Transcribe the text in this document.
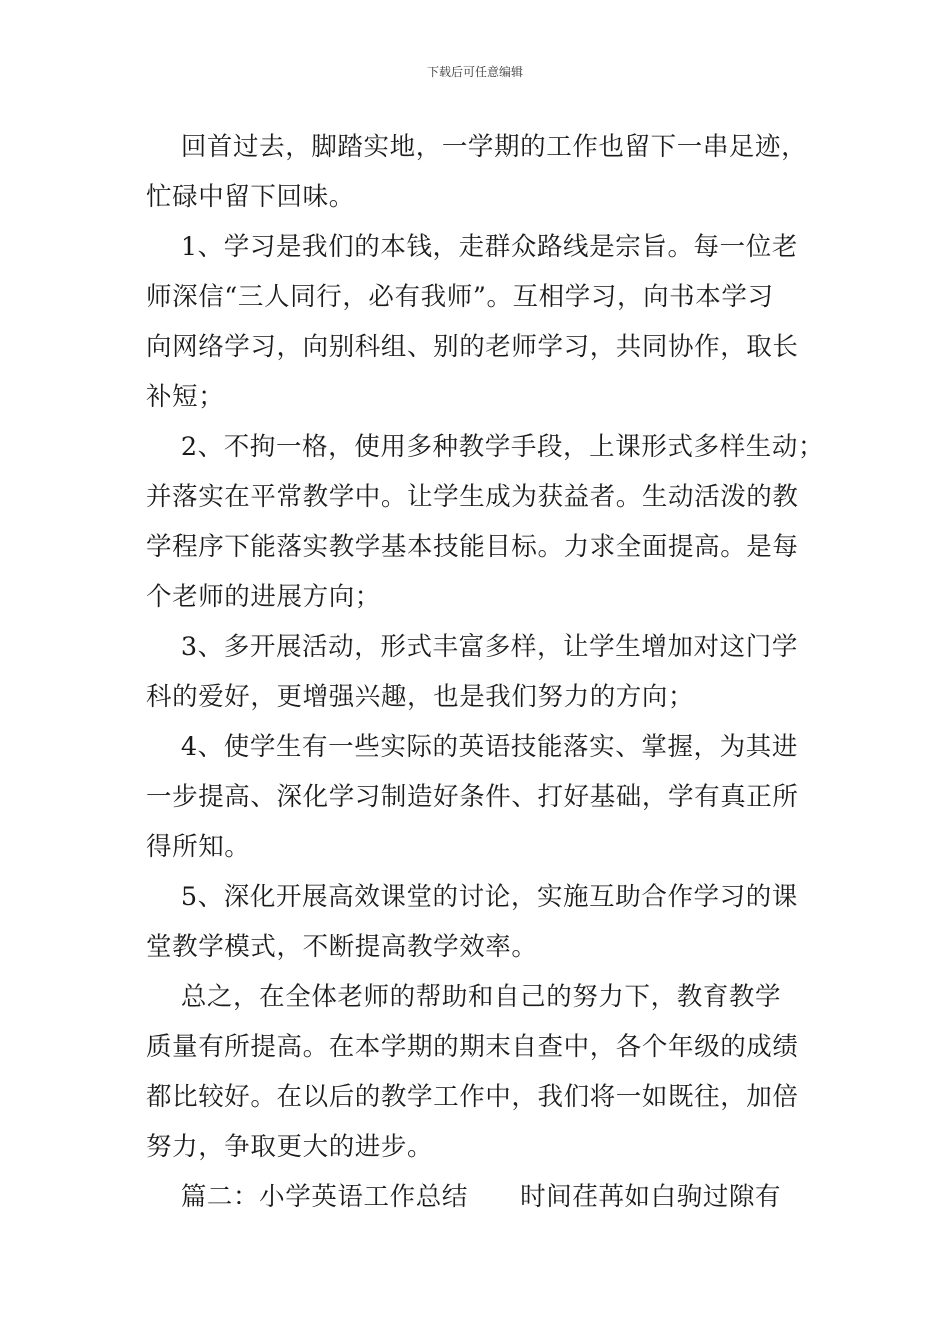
下载后可任意编辑
回首过去，脚踏实地，一学期的工作也留下一串足迹，
忙碌中留下回味。
1、学习是我们的本钱，走群众路线是宗旨。每一位老
师深信“三人同行，必有我师”。互相学习，向书本学习
向网络学习，向别科组、别的老师学习，共同协作，取长
补短；
2、不拘一格，使用多种教学手段，上课形式多样生动；
并落实在平常教学中。让学生成为获益者。生动活泼的教
学程序下能落实教学基本技能目标。力求全面提高。是每
个老师的进展方向；
3、多开展活动，形式丰富多样，让学生增加对这门学
科的爱好，更增强兴趣，也是我们努力的方向；
4、使学生有一些实际的英语技能落实、掌握，为其进
一步提高、深化学习制造好条件、打好基础，学有真正所
得所知。
5、深化开展高效课堂的讨论，实施互助合作学习的课
堂教学模式，不断提高教学效率。
总之，在全体老师的帮助和自己的努力下，教育教学
质量有所提高。在本学期的期末自查中，各个年级的成绩
都比较好。在以后的教学工作中，我们将一如既往，加倍
努力，争取更大的进步。
篇二：小学英语工作总结      时间荏苒如白驹过隙有
